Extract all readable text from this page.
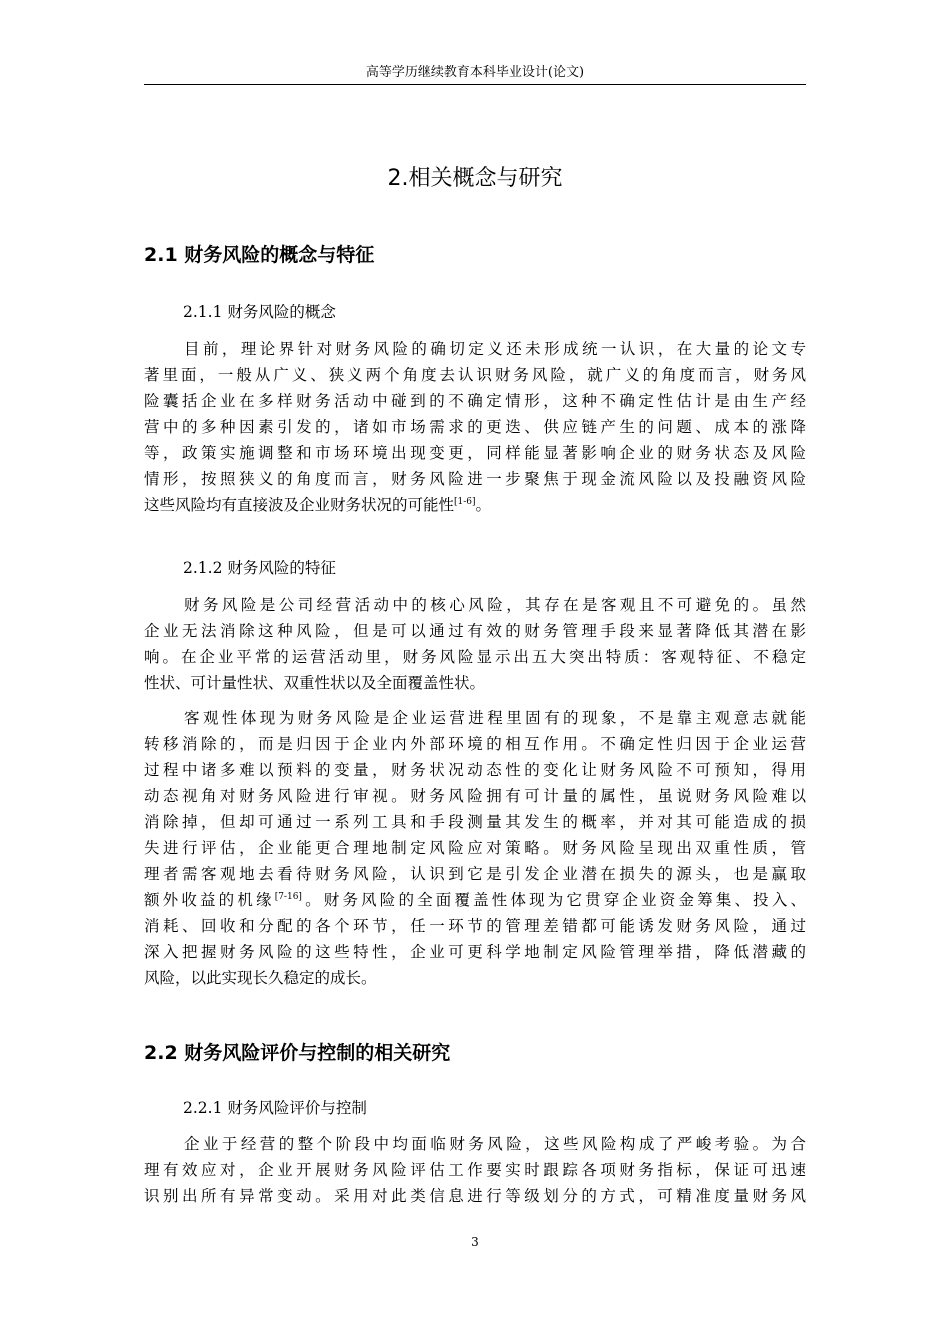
高等学历继续教育本科毕业设计(论文)
2.相关概念与研究
2.1 财务风险的概念与特征
2.1.1 财务风险的概念
目前，理论界针对财务风险的确切定义还未形成统一认识，在大量的论文专
著里面，一般从广义、狭义两个角度去认识财务风险，就广义的角度而言，财务风
险囊括企业在多样财务活动中碰到的不确定情形，这种不确定性估计是由生产经
营中的多种因素引发的，诸如市场需求的更迭、供应链产生的问题、成本的涨降
等，政策实施调整和市场环境出现变更，同样能显著影响企业的财务状态及风险
情形，按照狭义的角度而言，财务风险进一步聚焦于现金流风险以及投融资风险
这些风险均有直接波及企业财务状况的可能性[1-6]。
2.1.2 财务风险的特征
财务风险是公司经营活动中的核心风险，其存在是客观且不可避免的。虽然
企业无法消除这种风险，但是可以通过有效的财务管理手段来显著降低其潜在影
响。在企业平常的运营活动里，财务风险显示出五大突出特质：客观特征、不稳定
性状、可计量性状、双重性状以及全面覆盖性状。
客观性体现为财务风险是企业运营进程里固有的现象，不是靠主观意志就能
转移消除的，而是归因于企业内外部环境的相互作用。不确定性归因于企业运营
过程中诸多难以预料的变量，财务状况动态性的变化让财务风险不可预知，得用
动态视角对财务风险进行审视。财务风险拥有可计量的属性，虽说财务风险难以
消除掉，但却可通过一系列工具和手段测量其发生的概率，并对其可能造成的损
失进行评估，企业能更合理地制定风险应对策略。财务风险呈现出双重性质，管
理者需客观地去看待财务风险，认识到它是引发企业潜在损失的源头，也是赢取
额外收益的机缘[7-16]。财务风险的全面覆盖性体现为它贯穿企业资金筹集、投入、
消耗、回收和分配的各个环节，任一环节的管理差错都可能诱发财务风险，通过
深入把握财务风险的这些特性，企业可更科学地制定风险管理举措，降低潜藏的
风险，以此实现长久稳定的成长。
2.2 财务风险评价与控制的相关研究
2.2.1 财务风险评价与控制
企业于经营的整个阶段中均面临财务风险，这些风险构成了严峻考验。为合
理有效应对，企业开展财务风险评估工作要实时跟踪各项财务指标，保证可迅速
识别出所有异常变动。采用对此类信息进行等级划分的方式，可精准度量财务风
3
